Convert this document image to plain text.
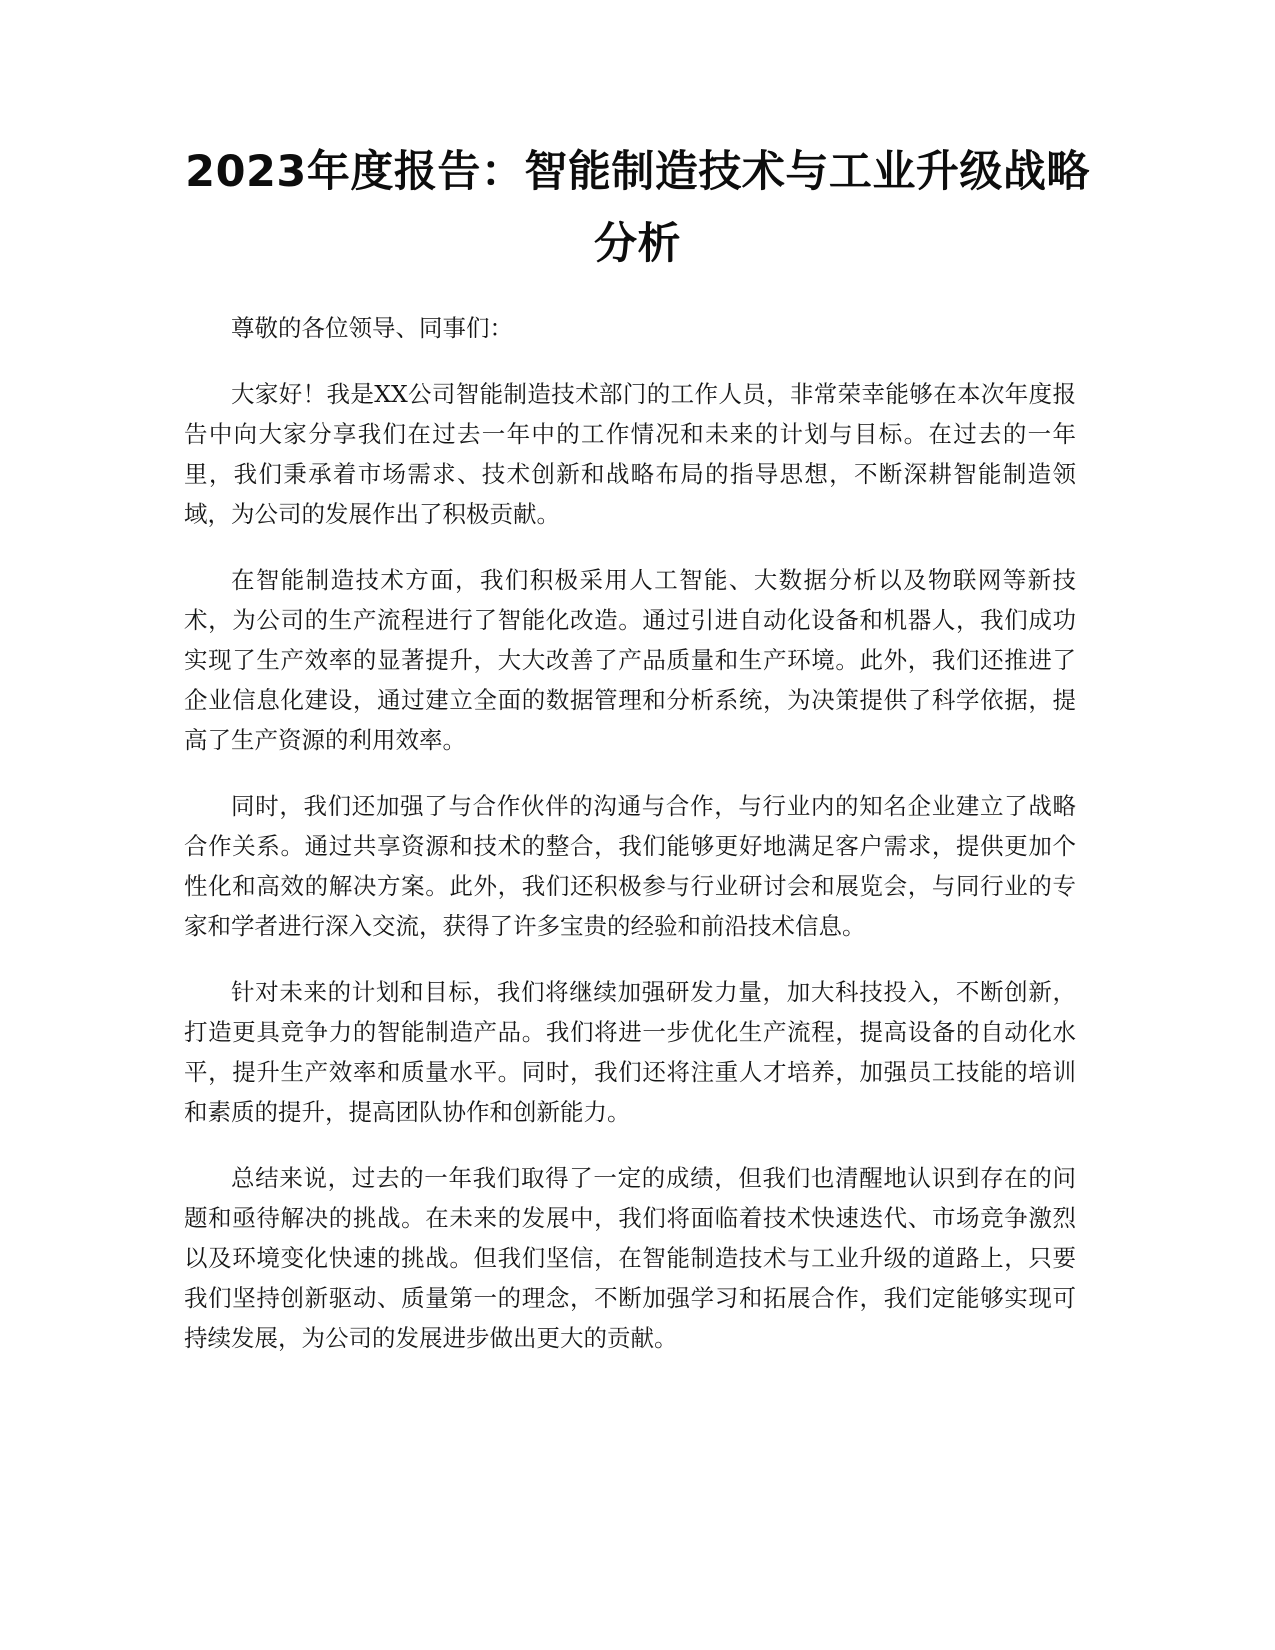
2023年度报告：智能制造技术与工业升级战略分析

尊敬的各位领导、同事们：

大家好！我是XX公司智能制造技术部门的工作人员，非常荣幸能够在本次年度报告中向大家分享我们在过去一年中的工作情况和未来的计划与目标。在过去的一年里，我们秉承着市场需求、技术创新和战略布局的指导思想，不断深耕智能制造领域，为公司的发展作出了积极贡献。

在智能制造技术方面，我们积极采用人工智能、大数据分析以及物联网等新技术，为公司的生产流程进行了智能化改造。通过引进自动化设备和机器人，我们成功实现了生产效率的显著提升，大大改善了产品质量和生产环境。此外，我们还推进了企业信息化建设，通过建立全面的数据管理和分析系统，为决策提供了科学依据，提高了生产资源的利用效率。

同时，我们还加强了与合作伙伴的沟通与合作，与行业内的知名企业建立了战略合作关系。通过共享资源和技术的整合，我们能够更好地满足客户需求，提供更加个性化和高效的解决方案。此外，我们还积极参与行业研讨会和展览会，与同行业的专家和学者进行深入交流，获得了许多宝贵的经验和前沿技术信息。

针对未来的计划和目标，我们将继续加强研发力量，加大科技投入，不断创新，打造更具竞争力的智能制造产品。我们将进一步优化生产流程，提高设备的自动化水平，提升生产效率和质量水平。同时，我们还将注重人才培养，加强员工技能的培训和素质的提升，提高团队协作和创新能力。

总结来说，过去的一年我们取得了一定的成绩，但我们也清醒地认识到存在的问题和亟待解决的挑战。在未来的发展中，我们将面临着技术快速迭代、市场竞争激烈以及环境变化快速的挑战。但我们坚信，在智能制造技术与工业升级的道路上，只要我们坚持创新驱动、质量第一的理念，不断加强学习和拓展合作，我们定能够实现可持续发展，为公司的发展进步做出更大的贡献。
